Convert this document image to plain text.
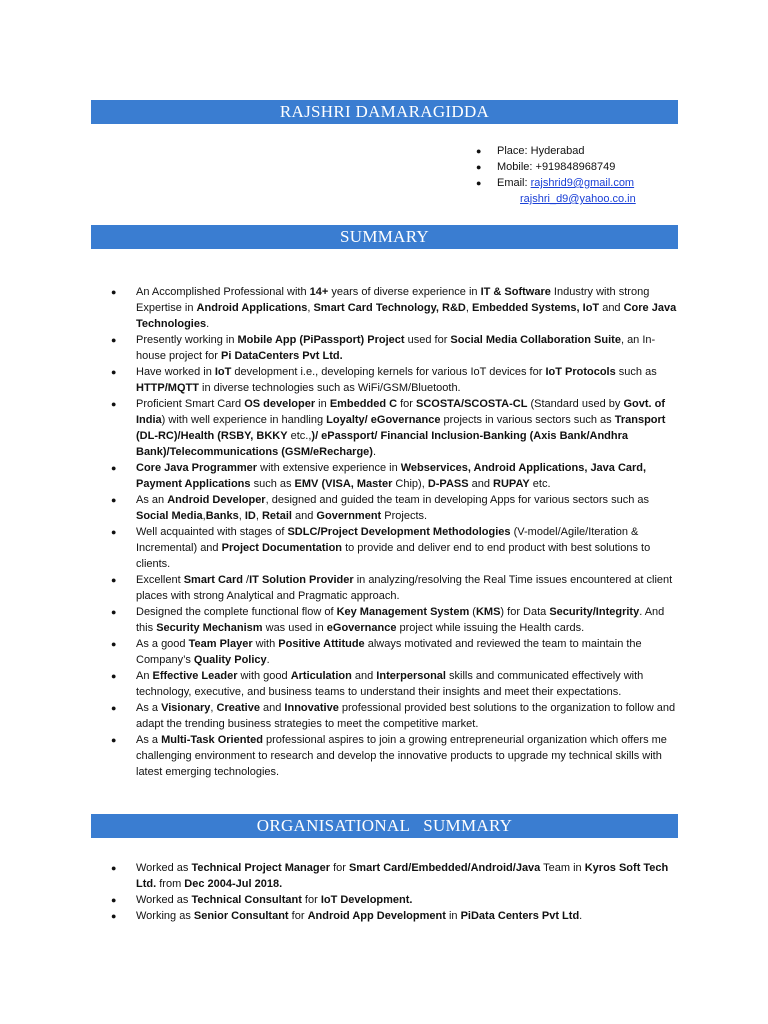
RAJSHRI DAMARAGIDDA
● Place: Hyderabad
● Mobile: +919848968749
● Email: rajshrid9@gmail.com
rajshri_d9@yahoo.co.in
SUMMARY
● An Accomplished Professional with 14+ years of diverse experience in IT & Software Industry with strong Expertise in Android Applications, Smart Card Technology, R&D, Embedded Systems, IoT and Core Java Technologies.
● Presently working in Mobile App (PiPassport) Project used for Social Media Collaboration Suite, an In-house project for Pi DataCenters Pvt Ltd.
● Have worked in IoT development i.e., developing kernels for various IoT devices for IoT Protocols such as HTTP/MQTT in diverse technologies such as WiFi/GSM/Bluetooth.
● Proficient Smart Card OS developer in Embedded C for SCOSTA/SCOSTA-CL (Standard used by Govt. of India) with well experience in handling Loyalty/ eGovernance projects in various sectors such as Transport (DL-RC)/Health (RSBY, BKKY etc.,)/ ePassport/ Financial Inclusion-Banking (Axis Bank/Andhra Bank)/Telecommunications (GSM/eRecharge).
● Core Java Programmer with extensive experience in Webservices, Android Applications, Java Card, Payment Applications such as EMV (VISA, Master Chip), D-PASS and RUPAY etc.
● As an Android Developer, designed and guided the team in developing Apps for various sectors such as Social Media,Banks, ID, Retail and Government Projects.
● Well acquainted with stages of SDLC/Project Development Methodologies (V-model/Agile/Iteration & Incremental) and Project Documentation to provide and deliver end to end product with best solutions to clients.
● Excellent Smart Card /IT Solution Provider in analyzing/resolving the Real Time issues encountered at client places with strong Analytical and Pragmatic approach.
● Designed the complete functional flow of Key Management System (KMS) for Data Security/Integrity. And this Security Mechanism was used in eGovernance project while issuing the Health cards.
● As a good Team Player with Positive Attitude always motivated and reviewed the team to maintain the Company’s Quality Policy.
● An Effective Leader with good Articulation and Interpersonal skills and communicated effectively with technology, executive, and business teams to understand their insights and meet their expectations.
● As a Visionary, Creative and Innovative professional provided best solutions to the organization to follow and adapt the trending business strategies to meet the competitive market.
● As a Multi-Task Oriented professional aspires to join a growing entrepreneurial organization which offers me challenging environment to research and develop the innovative products to upgrade my technical skills with latest emerging technologies.
ORGANISATIONAL   SUMMARY
● Worked as Technical Project Manager for Smart Card/Embedded/Android/Java Team in Kyros Soft Tech Ltd. from Dec 2004-Jul 2018.
● Worked as Technical Consultant for IoT Development.
● Working as Senior Consultant for Android App Development in PiData Centers Pvt Ltd.
